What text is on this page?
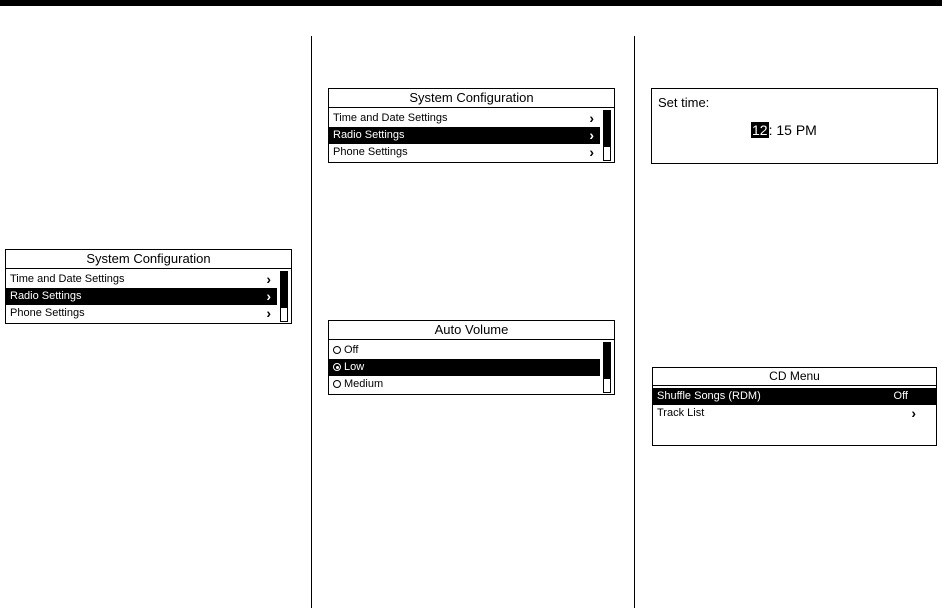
System Configuration
Time and Date Settings	›
Radio Settings	›
Phone Settings	›
System Configuration
Time and Date Settings	›
Radio Settings	›
Phone Settings	›
Auto Volume
Off
Low
Medium
Set time:
12: 15 PM
CD Menu
Shuffle Songs (RDM)	Off
Track List	›
